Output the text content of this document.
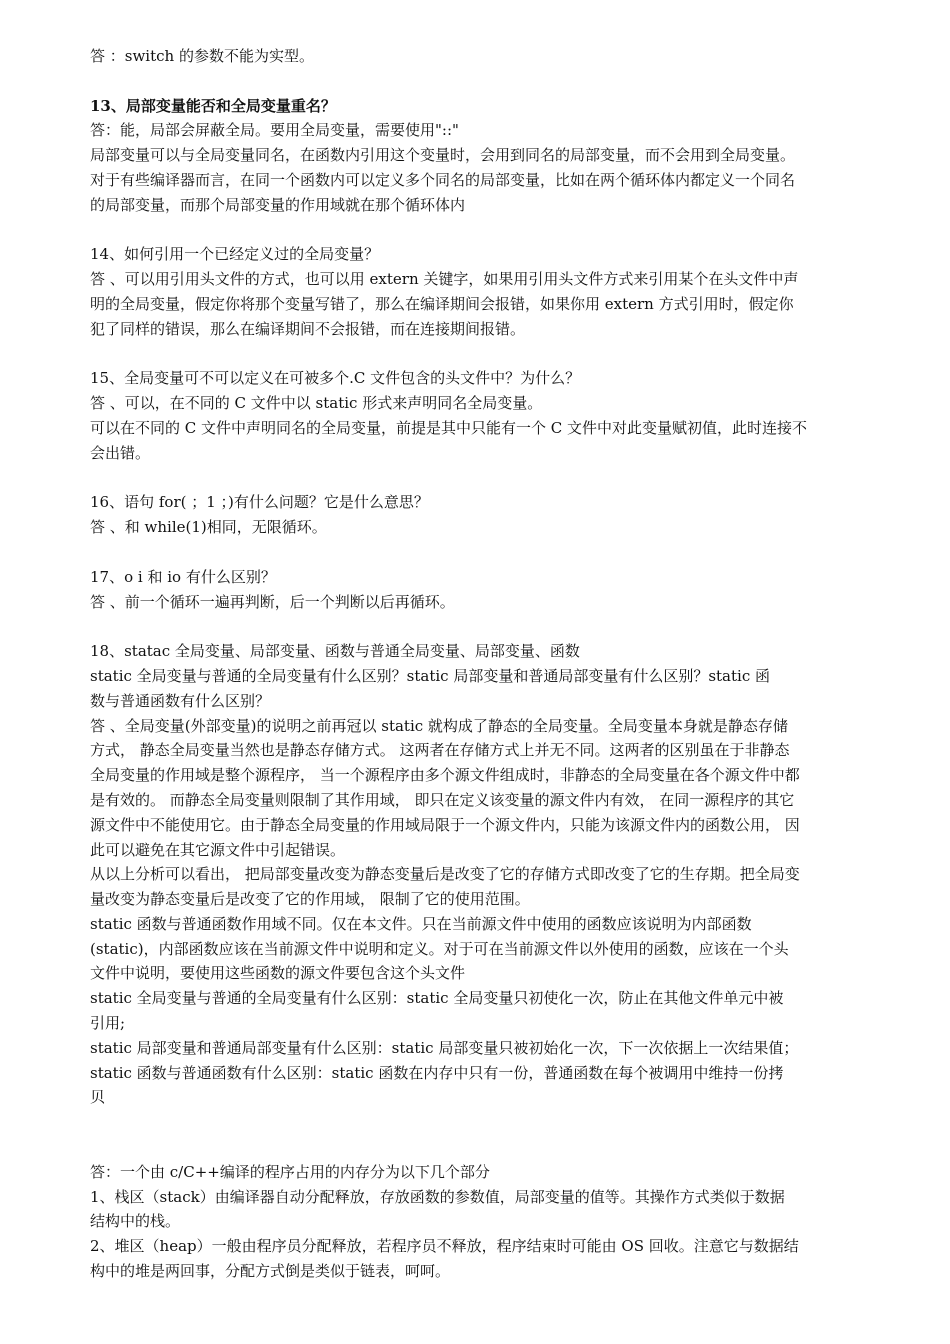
答 ：switch 的参数不能为实型。
13、局部变量能否和全局变量重名？
答：能，局部会屏蔽全局。要用全局变量，需要使用"::"
局部变量可以与全局变量同名，在函数内引用这个变量时，会用到同名的局部变量，而不会用到全局变量。
对于有些编译器而言，在同一个函数内可以定义多个同名的局部变量，比如在两个循环体内都定义一个同名
的局部变量，而那个局部变量的作用域就在那个循环体内
14、如何引用一个已经定义过的全局变量？
答 、可以用引用头文件的方式，也可以用 extern 关键字，如果用引用头文件方式来引用某个在头文件中声
明的全局变量，假定你将那个变量写错了，那么在编译期间会报错，如果你用 extern 方式引用时，假定你
犯了同样的错误，那么在编译期间不会报错，而在连接期间报错。
15、全局变量可不可以定义在可被多个.C 文件包含的头文件中？为什么？
答 、可以，在不同的 C 文件中以 static 形式来声明同名全局变量。
可以在不同的 C 文件中声明同名的全局变量，前提是其中只能有一个 C 文件中对此变量赋初值，此时连接不
会出错。
16、语句 for( ；1 ；)有什么问题？它是什么意思？
答 、和 while(1)相同，无限循环。
17、o i 和 io 有什么区别？
答 、前一个循环一遍再判断，后一个判断以后再循环。
18、statac 全局变量、局部变量、函数与普通全局变量、局部变量、函数
static 全局变量与普通的全局变量有什么区别？static 局部变量和普通局部变量有什么区别？static 函
数与普通函数有什么区别？
答 、全局变量(外部变量)的说明之前再冠以 static 就构成了静态的全局变量。全局变量本身就是静态存储
方式， 静态全局变量当然也是静态存储方式。 这两者在存储方式上并无不同。这两者的区别虽在于非静态
全局变量的作用域是整个源程序， 当一个源程序由多个源文件组成时，非静态的全局变量在各个源文件中都
是有效的。 而静态全局变量则限制了其作用域， 即只在定义该变量的源文件内有效， 在同一源程序的其它
源文件中不能使用它。由于静态全局变量的作用域局限于一个源文件内，只能为该源文件内的函数公用， 因
此可以避免在其它源文件中引起错误。
从以上分析可以看出， 把局部变量改变为静态变量后是改变了它的存储方式即改变了它的生存期。把全局变
量改变为静态变量后是改变了它的作用域， 限制了它的使用范围。
static 函数与普通函数作用域不同。仅在本文件。只在当前源文件中使用的函数应该说明为内部函数
(static)，内部函数应该在当前源文件中说明和定义。对于可在当前源文件以外使用的函数，应该在一个头
文件中说明，要使用这些函数的源文件要包含这个头文件
static 全局变量与普通的全局变量有什么区别：static 全局变量只初使化一次，防止在其他文件单元中被
引用;
static 局部变量和普通局部变量有什么区别：static 局部变量只被初始化一次，下一次依据上一次结果值；
static 函数与普通函数有什么区别：static 函数在内存中只有一份，普通函数在每个被调用中维持一份拷
贝
答：一个由 c/C++编译的程序占用的内存分为以下几个部分
1、栈区（stack）由编译器自动分配释放，存放函数的参数值，局部变量的值等。其操作方式类似于数据
结构中的栈。
2、堆区（heap）一般由程序员分配释放，若程序员不释放，程序结束时可能由 OS 回收。注意它与数据结
构中的堆是两回事，分配方式倒是类似于链表，呵呵。
